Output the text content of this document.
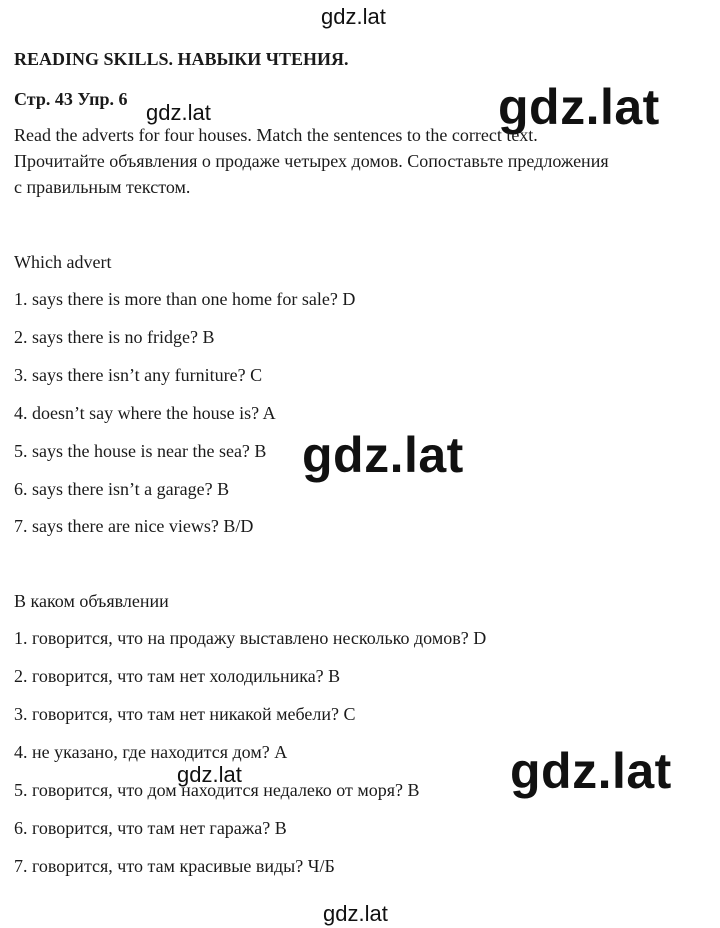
gdz.lat
gdz.lat	gdz.lat
READING SKILLS. НАВЫКИ ЧТЕНИЯ.
Стр. 43 Упр. 6
Read the adverts for four houses. Match the sentences to the correct text.
Прочитайте объявления о продаже четырех домов. Сопоставьте предложения
с правильным текстом.
Which advert
1. says there is more than one home for sale? D
2. says there is no fridge? B
3. says there isn’t any furniture? C
4. doesn’t say where the house is? A
5. says the house is near the sea? B
6. says there isn’t a garage? B
7. says there are nice views? B/D
gdz.lat
В каком объявлении
1. говорится, что на продажу выставлено несколько домов? D
2. говорится, что там нет холодильника? В
3. говорится, что там нет никакой мебели? С
4. не указано, где находится дом? А
5. говорится, что дом находится недалеко от моря? В
6. говорится, что там нет гаража? В
7. говорится, что там красивые виды? Ч/Б
gdz.lat	gdz.lat
gdz.lat
